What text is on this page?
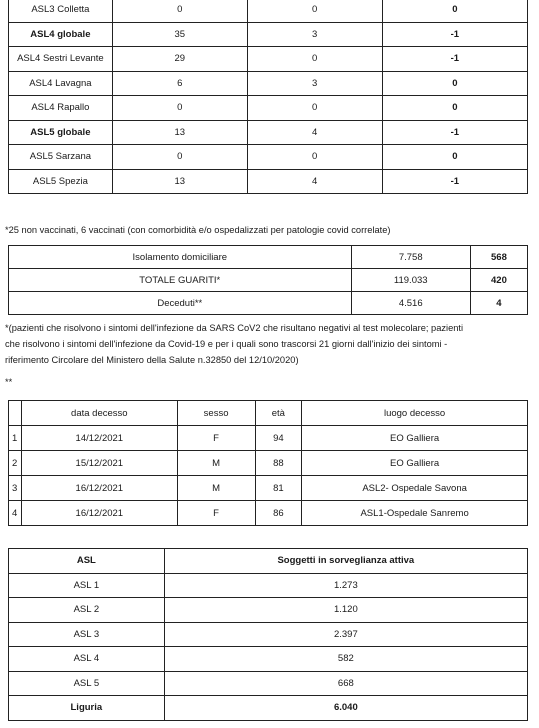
ASL3 Colletta	0	0	0
ASL4 globale	35	3	-1
ASL4 Sestri Levante	29	0	-1
ASL4 Lavagna	6	3	0
ASL4 Rapallo	0	0	0
ASL5 globale	13	4	-1
ASL5 Sarzana	0	0	0
ASL5 Spezia	13	4	-1
*25 non vaccinati, 6 vaccinati (con comorbidità e/o ospedalizzati per patologie covid correlate)
Isolamento domiciliare	7.758	568
TOTALE GUARITI*	119.033	420
Deceduti**	4.516	4
*(pazienti che risolvono i sintomi dell'infezione da SARS CoV2 che risultano negativi al test molecolare; pazienti
che risolvono i sintomi dell'infezione da Covid-19 e per i quali sono trascorsi 21 giorni dall'inizio dei sintomi -
riferimento Circolare del Ministero della Salute n.32850 del 12/10/2020)
**
	data decesso	sesso	età	luogo decesso
1	14/12/2021	F	94	EO Galliera
2	15/12/2021	M	88	EO Galliera
3	16/12/2021	M	81	ASL2- Ospedale Savona
4	16/12/2021	F	86	ASL1-Ospedale Sanremo
ASL	Soggetti in sorveglianza attiva
ASL 1	1.273
ASL 2	1.120
ASL 3	2.397
ASL 4	582
ASL 5	668
Liguria	6.040
